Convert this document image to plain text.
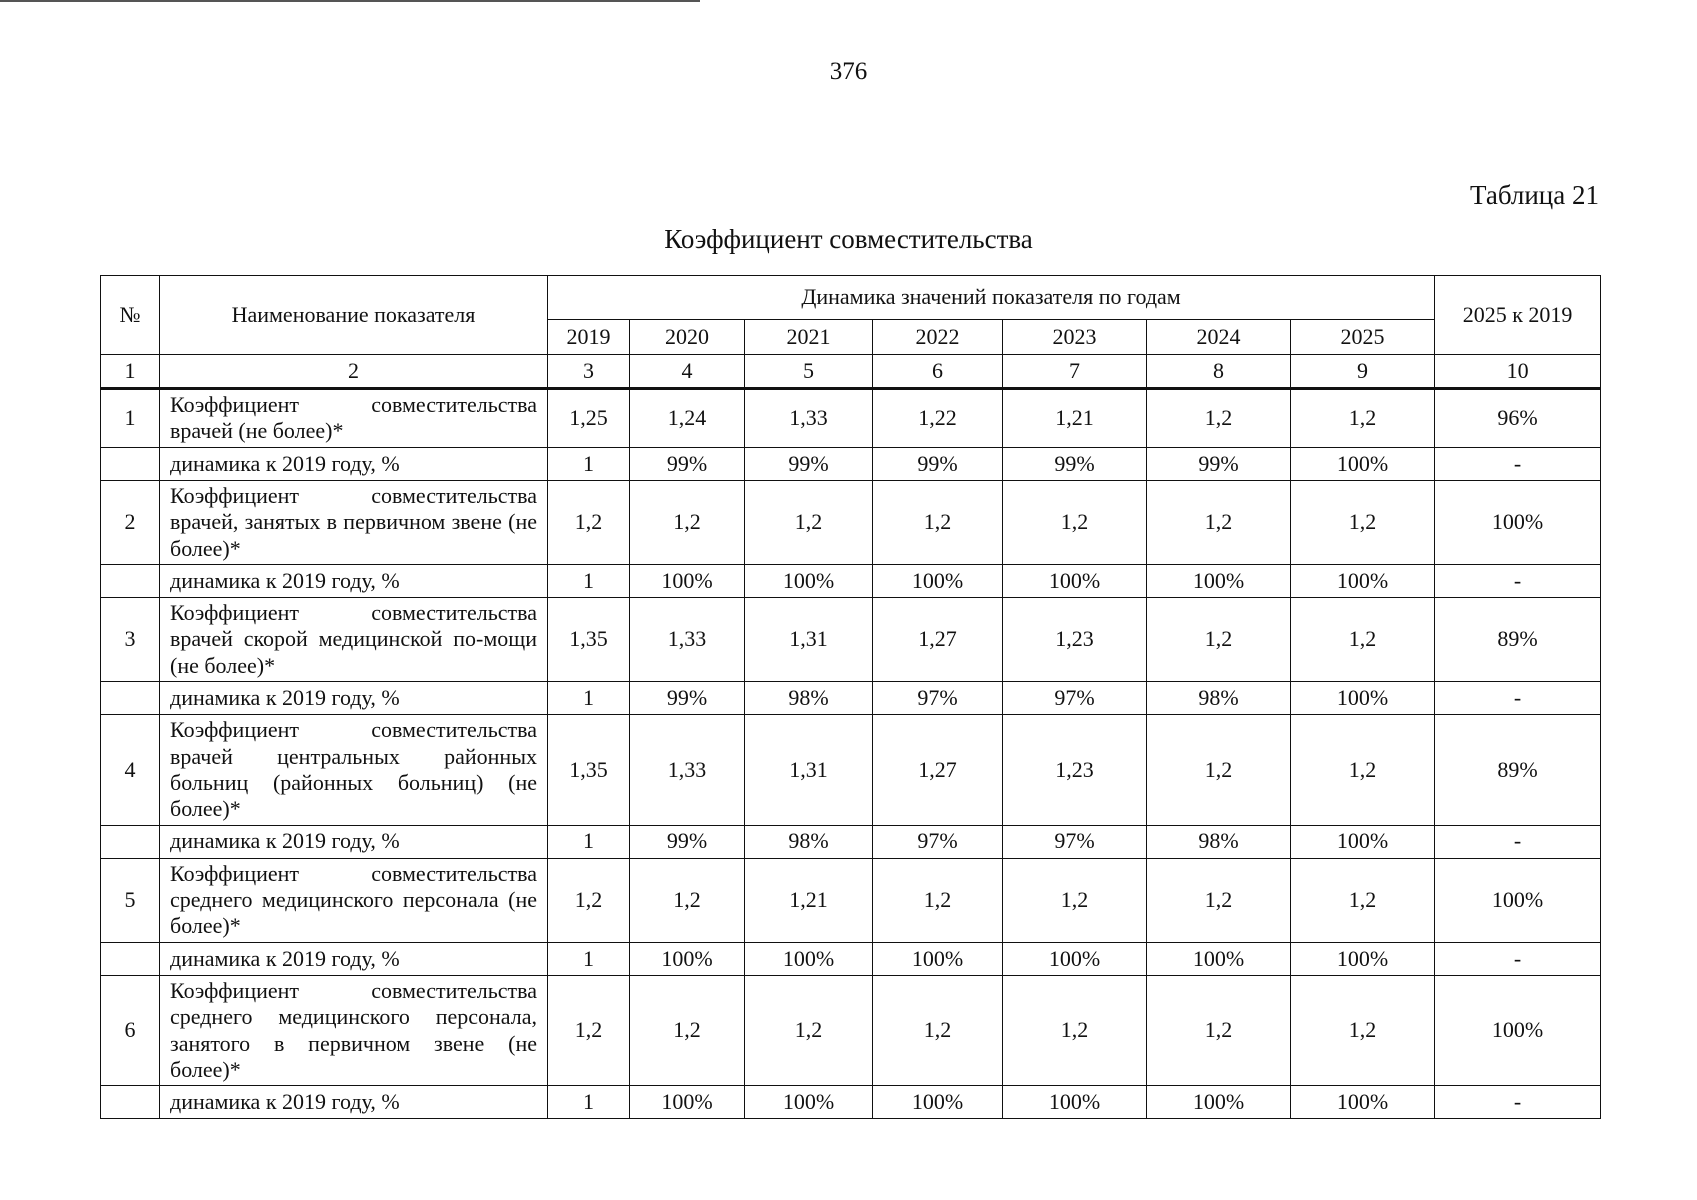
376
Таблица 21
Коэффициент совместительства
№	Наименование показателя	Динамика значений показателя по годам							2025 к 2019
		2019	2020	2021	2022	2023	2024	2025	
1	2	3	4	5	6	7	8	9	10
1	Коэффициент совместительства врачей (не более)*	1,25	1,24	1,33	1,22	1,21	1,2	1,2	96%
	динамика к 2019 году, %	1	99%	99%	99%	99%	99%	100%	-
2	Коэффициент совместительства врачей, занятых в первичном звене (не более)*	1,2	1,2	1,2	1,2	1,2	1,2	1,2	100%
	динамика к 2019 году, %	1	100%	100%	100%	100%	100%	100%	-
3	Коэффициент совместительства врачей скорой медицинской по-мощи (не более)*	1,35	1,33	1,31	1,27	1,23	1,2	1,2	89%
	динамика к 2019 году, %	1	99%	98%	97%	97%	98%	100%	-
4	Коэффициент совместительства врачей центральных районных больниц (районных больниц) (не более)*	1,35	1,33	1,31	1,27	1,23	1,2	1,2	89%
	динамика к 2019 году, %	1	99%	98%	97%	97%	98%	100%	-
5	Коэффициент совместительства среднего медицинского персонала (не более)*	1,2	1,2	1,21	1,2	1,2	1,2	1,2	100%
	динамика к 2019 году, %	1	100%	100%	100%	100%	100%	100%	-
6	Коэффициент совместительства среднего медицинского персонала, занятого в первичном звене (не более)*	1,2	1,2	1,2	1,2	1,2	1,2	1,2	100%
	динамика к 2019 году, %	1	100%	100%	100%	100%	100%	100%	-
